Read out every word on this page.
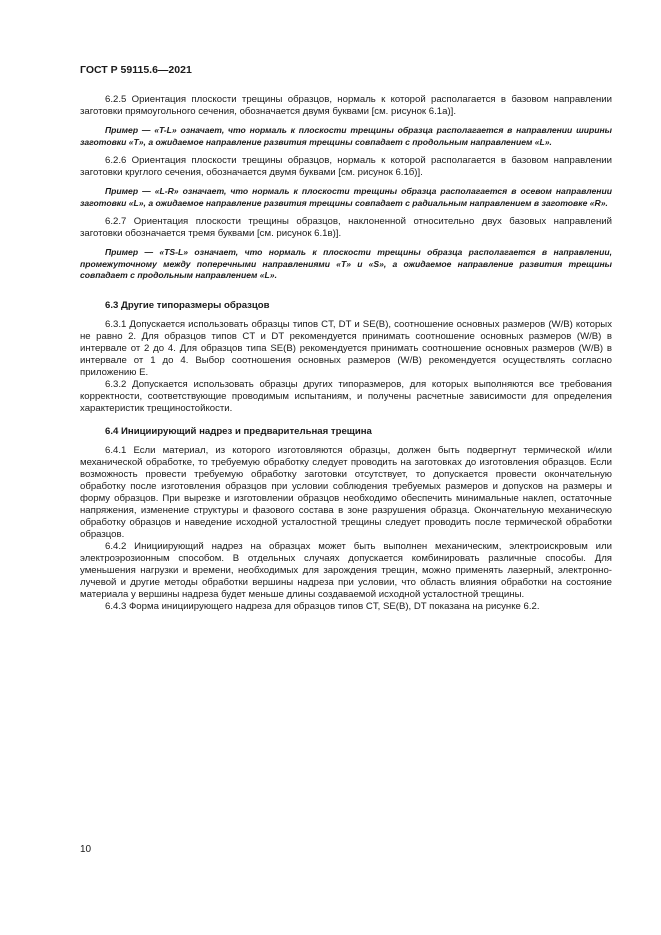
ГОСТ Р 59115.6—2021

6.2.5 Ориентация плоскости трещины образцов, нормаль к которой располагается в базовом направлении заготовки прямоугольного сечения, обозначается двумя буквами [см. рисунок 6.1а)].

Пример — «T-L» означает, что нормаль к плоскости трещины образца располагается в направлении ширины заготовки «T», а ожидаемое направление развития трещины совпадает с продольным направлением «L».

6.2.6 Ориентация плоскости трещины образцов, нормаль к которой располагается в базовом направлении заготовки круглого сечения, обозначается двумя буквами [см. рисунок 6.1б)].

Пример — «L-R» означает, что нормаль к плоскости трещины образца располагается в осевом направлении заготовки «L», а ожидаемое направление развития трещины совпадает с радиальным направлением в заготовке «R».

6.2.7 Ориентация плоскости трещины образцов, наклоненной относительно двух базовых направлений заготовки обозначается тремя буквами [см. рисунок 6.1в)].

Пример — «TS-L» означает, что нормаль к плоскости трещины образца располагается в направлении, промежуточному между поперечными направлениями «T» и «S», а ожидаемое направление развития трещины совпадает с продольным направлением «L».

6.3 Другие типоразмеры образцов

6.3.1 Допускается использовать образцы типов CT, DT и SE(B), соотношение основных размеров (W/B) которых не равно 2. Для образцов типов CT и DT рекомендуется принимать соотношение основных размеров (W/B) в интервале от 2 до 4. Для образцов типа SE(B) рекомендуется принимать соотношение основных размеров (W/B) в интервале от 1 до 4. Выбор соотношения основных размеров (W/B) рекомендуется осуществлять согласно приложению Е.

6.3.2 Допускается использовать образцы других типоразмеров, для которых выполняются все требования корректности, соответствующие проводимым испытаниям, и получены расчетные зависимости для определения характеристик трещиностойкости.

6.4 Инициирующий надрез и предварительная трещина

6.4.1 Если материал, из которого изготовляются образцы, должен быть подвергнут термической и/или механической обработке, то требуемую обработку следует проводить на заготовках до изготовления образцов. Если возможность провести требуемую обработку заготовки отсутствует, то допускается провести окончательную обработку после изготовления образцов при условии соблюдения требуемых размеров и допусков на размеры и форму образцов. При вырезке и изготовлении образцов необходимо обеспечить минимальные наклеп, остаточные напряжения, изменение структуры и фазового состава в зоне разрушения образца. Окончательную механическую обработку образцов и наведение исходной усталостной трещины следует проводить после термической обработки образцов.

6.4.2 Инициирующий надрез на образцах может быть выполнен механическим, электроискровым или электроэрозионным способом. В отдельных случаях допускается комбинировать различные способы. Для уменьшения нагрузки и времени, необходимых для зарождения трещин, можно применять лазерный, электронно-лучевой и другие методы обработки вершины надреза при условии, что область влияния обработки на состояние материала у вершины надреза будет меньше длины создаваемой исходной усталостной трещины.

6.4.3 Форма инициирующего надреза для образцов типов CT, SE(B), DT показана на рисунке 6.2.

10
